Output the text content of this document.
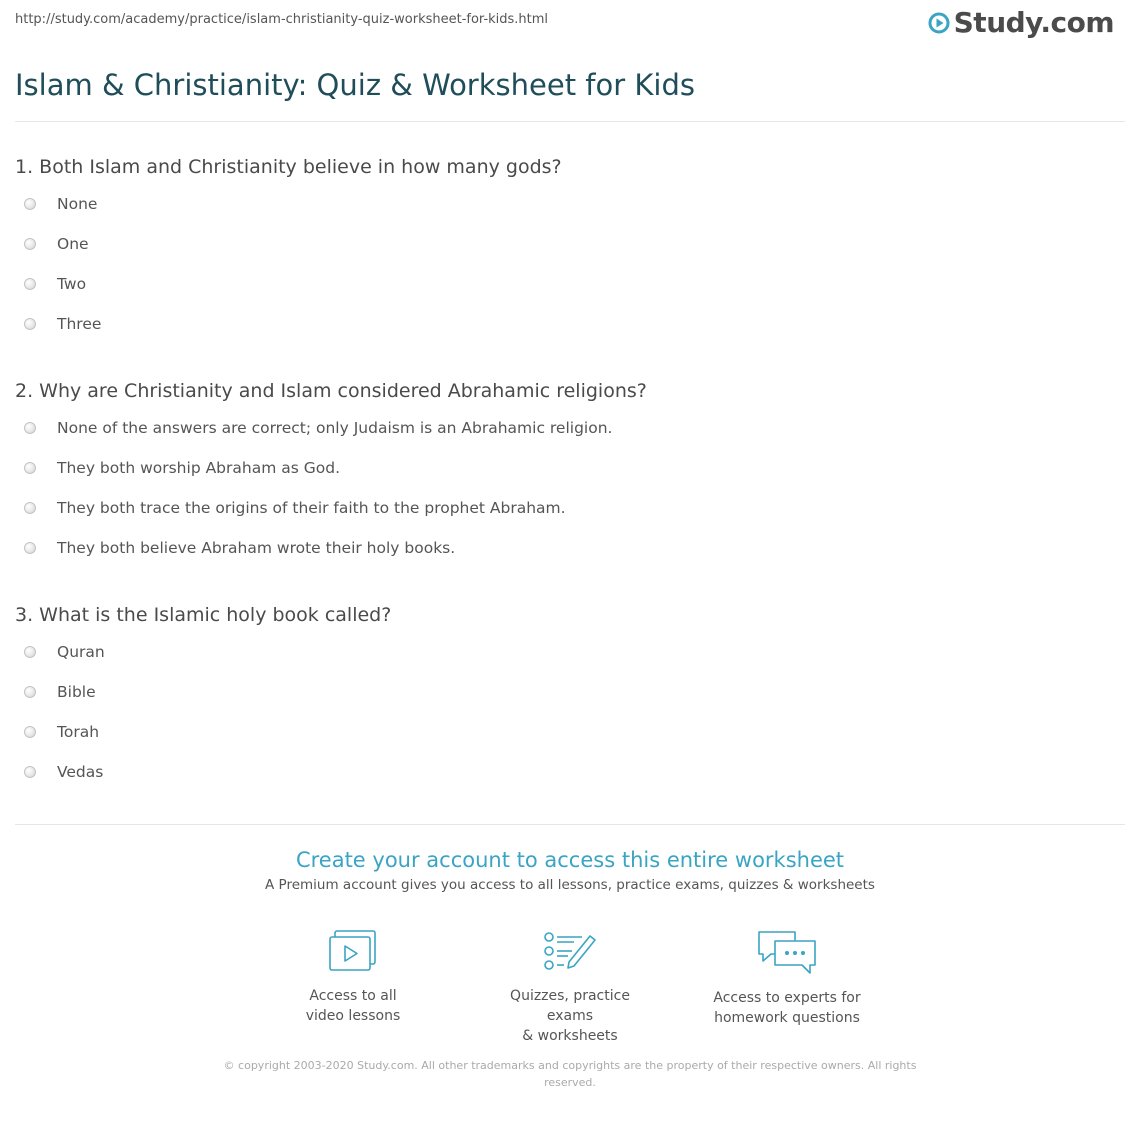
http://study.com/academy/practice/islam-christianity-quiz-worksheet-for-kids.html	Study.com
Islam & Christianity: Quiz & Worksheet for Kids
1. Both Islam and Christianity believe in how many gods?
None
One
Two
Three
2. Why are Christianity and Islam considered Abrahamic religions?
None of the answers are correct; only Judaism is an Abrahamic religion.
They both worship Abraham as God.
They both trace the origins of their faith to the prophet Abraham.
They both believe Abraham wrote their holy books.
3. What is the Islamic holy book called?
Quran
Bible
Torah
Vedas
Create your account to access this entire worksheet

A Premium account gives you access to all lessons, practice exams, quizzes & worksheets

Access to all
video lessons
Quizzes, practice exams
& worksheets
Access to experts for
homework questions
© copyright 2003-2020 Study.com. All other trademarks and copyrights are the property of their respective owners. All rights reserved.
